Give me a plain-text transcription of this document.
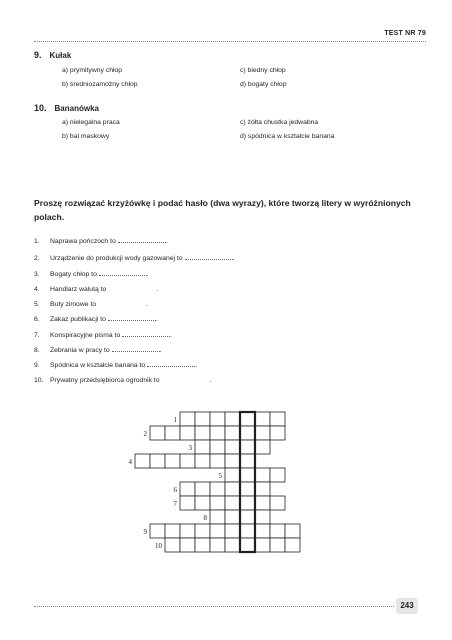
TEST NR 79
9. Kułak
a) prymitywny chłop
b) średniozamożny chłop
c) biedny chłop
d) bogaty chłop
10. Bananówka
a) nielegalna praca
b) bal maskowy
c) żółta chustka jedwabna
d) spódnica w kształcie banana
Proszę rozwiązać krzyżówkę i podać hasło (dwa wyrazy), które tworzą litery w wyróżnionych polach.
1. Naprawa pończoch to	.
2. Urządzenie do produkcji wody gazowanej to	.
3. Bogaty chłop to	.
4. Handlarz walutą to	.
5. Buty zimowe to	.
6. Zakaz publikacji to	.
7. Konspiracyjne pisma to	.
8. Zebrania w pracy to	.
9. Spódnica w kształcie banana to	.
10. Prywatny przedsiębiorca ogrodnik to	.
1
2
3
4
5
6
7
8
9
10
243
